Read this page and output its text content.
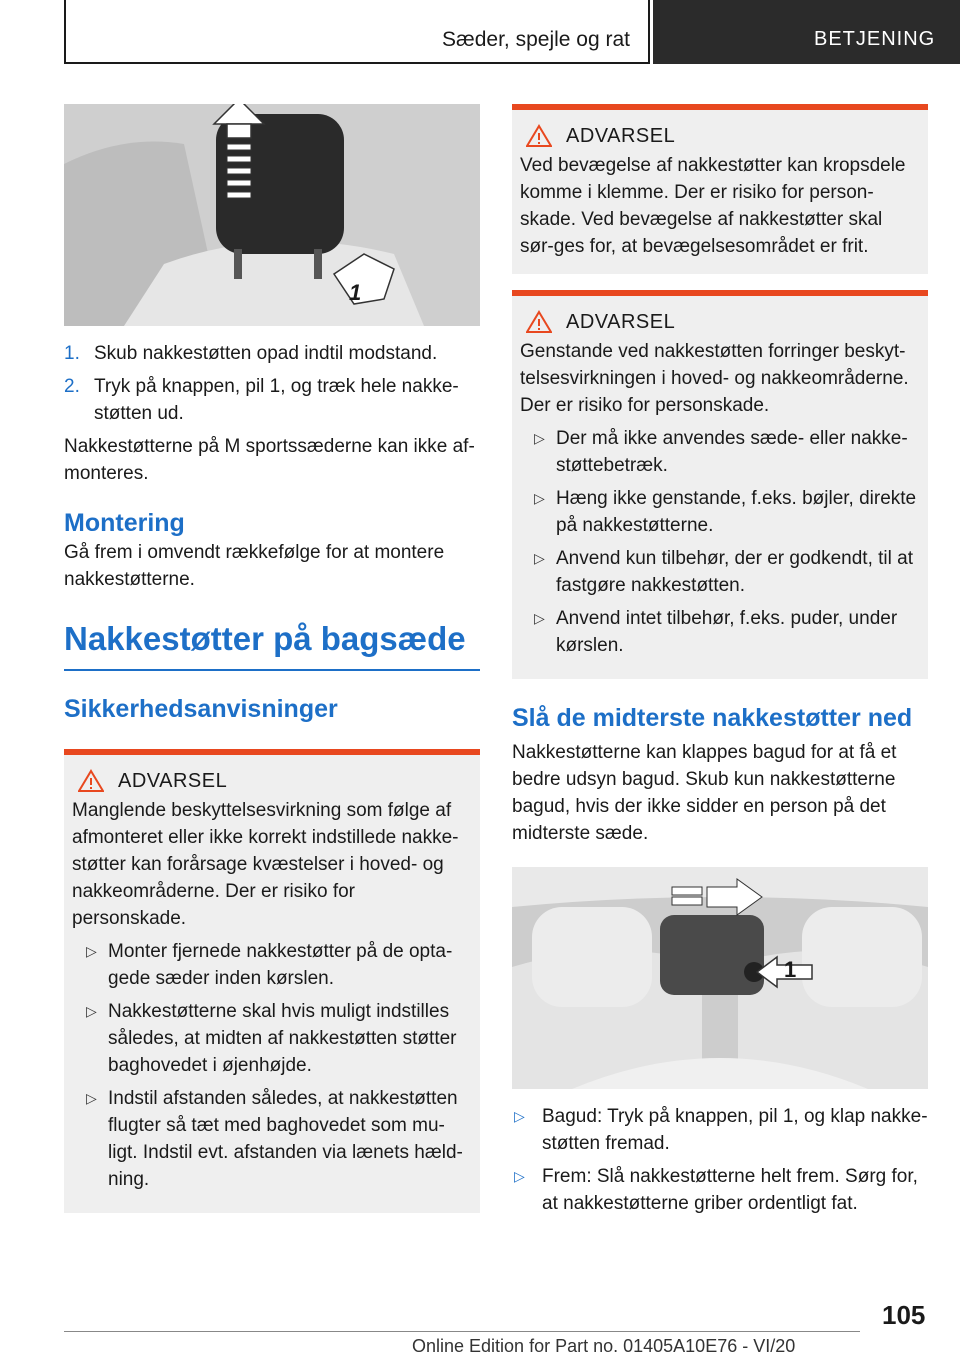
Sæder, spejle og rat	BETJENING
1
1. Skub nakkestøtten opad indtil modstand.
2. Tryk på knappen, pil 1, og træk hele nakke-støtten ud.

Nakkestøtterne på M sportssæderne kan ikke af-monteres.

Montering

Gå frem i omvendt rækkefølge for at montere nakkestøtterne.

Nakkestøtter på bagsæde
Sikkerhedsanvisninger
ADVARSEL

Manglende beskyttelsesvirkning som følge af afmonteret eller ikke korrekt indstillede nakke-støtter kan forårsage kvæstelser i hoved- og nakkeområderne. Der er risiko for personskade.

▷ Monter fjernede nakkestøtter på de opta-gede sæder inden kørslen.
▷ Nakkestøtterne skal hvis muligt indstilles således, at midten af nakkestøtten støtter baghovedet i øjenhøjde.
▷ Indstil afstanden således, at nakkestøtten flugter så tæt med baghovedet som mu-ligt. Indstil evt. afstanden via lænets hæld-ning.
ADVARSEL

Ved bevægelse af nakkestøtter kan kropsdele komme i klemme. Der er risiko for person-skade. Ved bevægelse af nakkestøtter skal sør-ges for, at bevægelsesområdet er frit.

ADVARSEL

Genstande ved nakkestøtten forringer beskyt-telsesvirkningen i hoved- og nakkeområderne. Der er risiko for personskade.

▷ Der må ikke anvendes sæde- eller nakke-støttebetræk.
▷ Hæng ikke genstande, f.eks. bøjler, direkte på nakkestøtterne.
▷ Anvend kun tilbehør, der er godkendt, til at fastgøre nakkestøtten.
▷ Anvend intet tilbehør, f.eks. puder, under kørslen.
Slå de midterste nakkestøtter ned

Nakkestøtterne kan klappes bagud for at få et bedre udsyn bagud. Skub kun nakkestøtterne bagud, hvis der ikke sidder en person på det midterste sæde.

1
▷ Bagud: Tryk på knappen, pil 1, og klap nakke-støtten fremad.
▷ Frem: Slå nakkestøtterne helt frem. Sørg for, at nakkestøtterne griber ordentligt fat.
105
Online Edition for Part no. 01405A10E76 - VI/20
